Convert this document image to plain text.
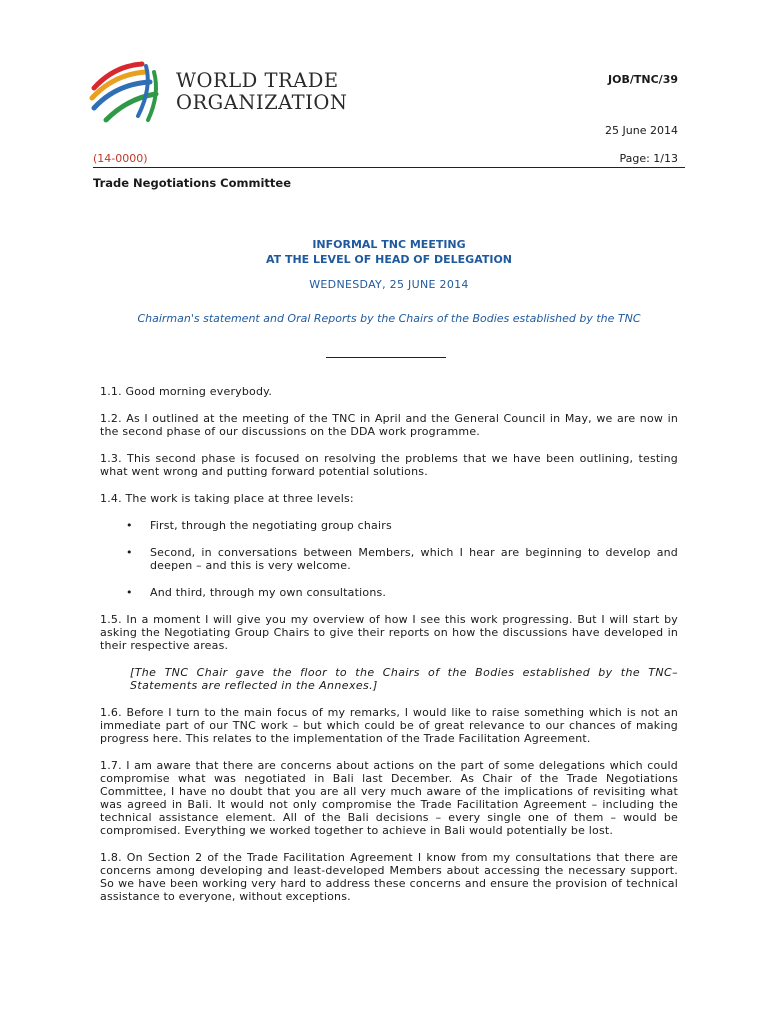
WORLD TRADE
ORGANIZATION
JOB/TNC/39
25 June 2014
(14-0000)	Page: 1/13
Trade Negotiations Committee
INFORMAL TNC MEETING
AT THE LEVEL OF HEAD OF DELEGATION
WEDNESDAY, 25 JUNE 2014
Chairman's statement and Oral Reports by the Chairs of the Bodies established by the TNC

1.1. Good morning everybody.

1.2. As I outlined at the meeting of the TNC in April and the General Council in May, we are now in the second phase of our discussions on the DDA work programme.

1.3. This second phase is focused on resolving the problems that we have been outlining, testing what went wrong and putting forward potential solutions.

1.4. The work is taking place at three levels:

• First, through the negotiating group chairs
• Second, in conversations between Members, which I hear are beginning to develop and deepen – and this is very welcome.
• And third, through my own consultations.

1.5. In a moment I will give you my overview of how I see this work progressing. But I will start by asking the Negotiating Group Chairs to give their reports on how the discussions have developed in their respective areas.

[The TNC Chair gave the floor to the Chairs of the Bodies established by the TNC– Statements are reflected in the Annexes.]

1.6. Before I turn to the main focus of my remarks, I would like to raise something which is not an immediate part of our TNC work – but which could be of great relevance to our chances of making progress here. This relates to the implementation of the Trade Facilitation Agreement.

1.7. I am aware that there are concerns about actions on the part of some delegations which could compromise what was negotiated in Bali last December. As Chair of the Trade Negotiations Committee, I have no doubt that you are all very much aware of the implications of revisiting what was agreed in Bali. It would not only compromise the Trade Facilitation Agreement – including the technical assistance element. All of the Bali decisions – every single one of them – would be compromised. Everything we worked together to achieve in Bali would potentially be lost.

1.8. On Section 2 of the Trade Facilitation Agreement I know from my consultations that there are concerns among developing and least-developed Members about accessing the necessary support. So we have been working very hard to address these concerns and ensure the provision of technical assistance to everyone, without exceptions.
